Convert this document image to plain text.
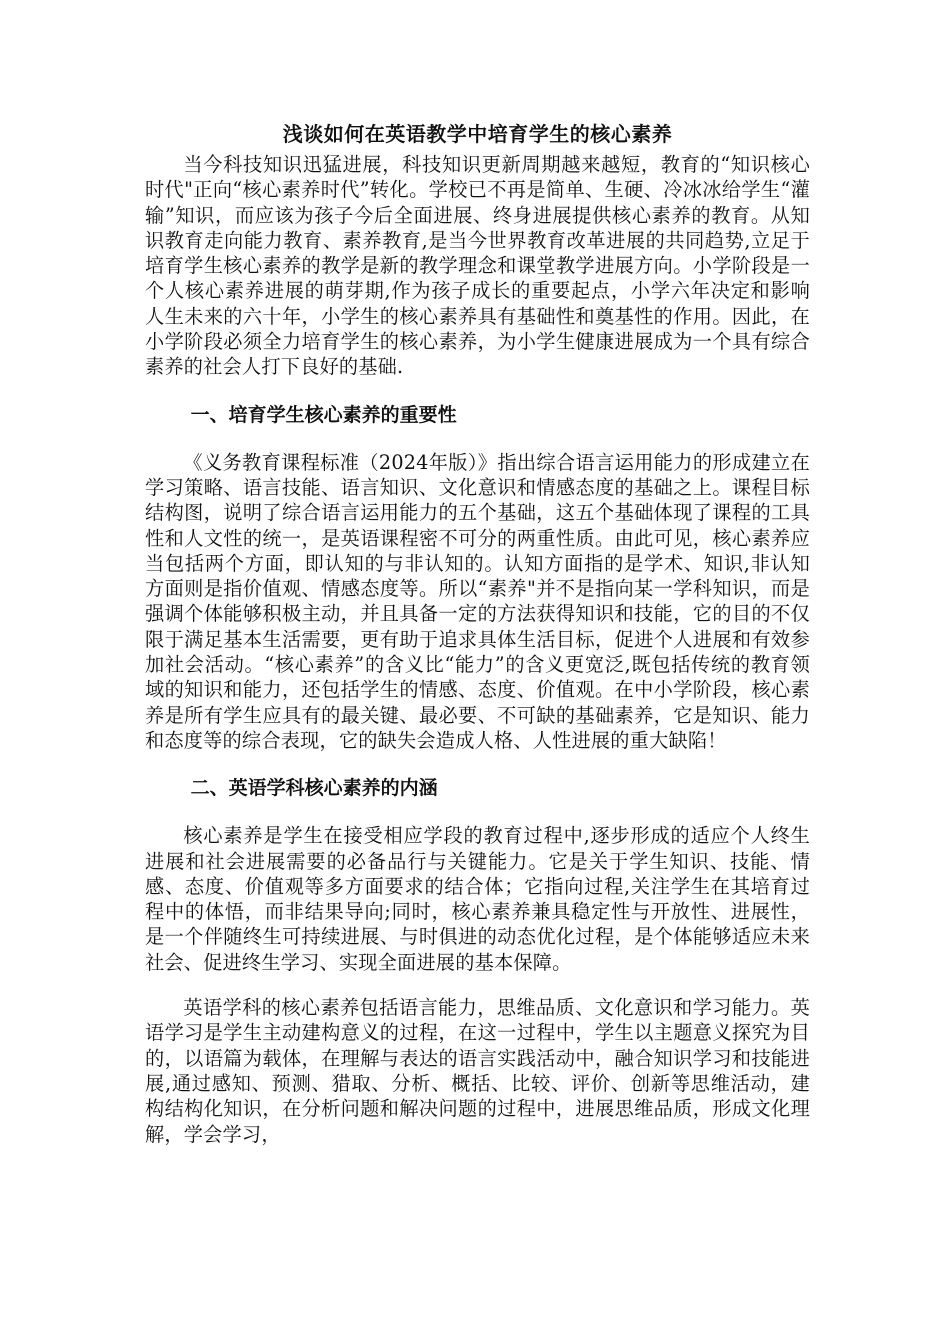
浅谈如何在英语教学中培育学生的核心素养

当今科技知识迅猛进展，科技知识更新周期越来越短，教育的“知识核心时代"正向“核心素养时代”转化。学校已不再是简单、生硬、冷冰冰给学生“灌输”知识，而应该为孩子今后全面进展、终身进展提供核心素养的教育。从知识教育走向能力教育、素养教育,是当今世界教育改革进展的共同趋势,立足于培育学生核心素养的教学是新的教学理念和课堂教学进展方向。小学阶段是一个人核心素养进展的萌芽期,作为孩子成长的重要起点，小学六年决定和影响人生未来的六十年，小学生的核心素养具有基础性和奠基性的作用。因此，在小学阶段必须全力培育学生的核心素养，为小学生健康进展成为一个具有综合素养的社会人打下良好的基础.

一、培育学生核心素养的重要性

《义务教育课程标准（2024年版）》指出综合语言运用能力的形成建立在学习策略、语言技能、语言知识、文化意识和情感态度的基础之上。课程目标结构图，说明了综合语言运用能力的五个基础，这五个基础体现了课程的工具性和人文性的统一，是英语课程密不可分的两重性质。由此可见，核心素养应当包括两个方面，即认知的与非认知的。认知方面指的是学术、知识,非认知方面则是指价值观、情感态度等。所以“素养"并不是指向某一学科知识，而是强调个体能够积极主动，并且具备一定的方法获得知识和技能，它的目的不仅限于满足基本生活需要，更有助于追求具体生活目标，促进个人进展和有效参加社会活动。“核心素养”的含义比“能力”的含义更宽泛,既包括传统的教育领域的知识和能力，还包括学生的情感、态度、价值观。在中小学阶段，核心素养是所有学生应具有的最关键、最必要、不可缺的基础素养，它是知识、能力和态度等的综合表现，它的缺失会造成人格、人性进展的重大缺陷！

二、英语学科核心素养的内涵

核心素养是学生在接受相应学段的教育过程中,逐步形成的适应个人终生进展和社会进展需要的必备品行与关键能力。它是关于学生知识、技能、情感、态度、价值观等多方面要求的结合体；它指向过程,关注学生在其培育过程中的体悟，而非结果导向;同时，核心素养兼具稳定性与开放性、进展性，是一个伴随终生可持续进展、与时俱进的动态优化过程，是个体能够适应未来社会、促进终生学习、实现全面进展的基本保障。

英语学科的核心素养包括语言能力，思维品质、文化意识和学习能力。英语学习是学生主动建构意义的过程，在这一过程中，学生以主题意义探究为目的，以语篇为载体，在理解与表达的语言实践活动中，融合知识学习和技能进展,通过感知、预测、猎取、分析、概括、比较、评价、创新等思维活动，建构结构化知识，在分析问题和解决问题的过程中，进展思维品质，形成文化理解，学会学习，
